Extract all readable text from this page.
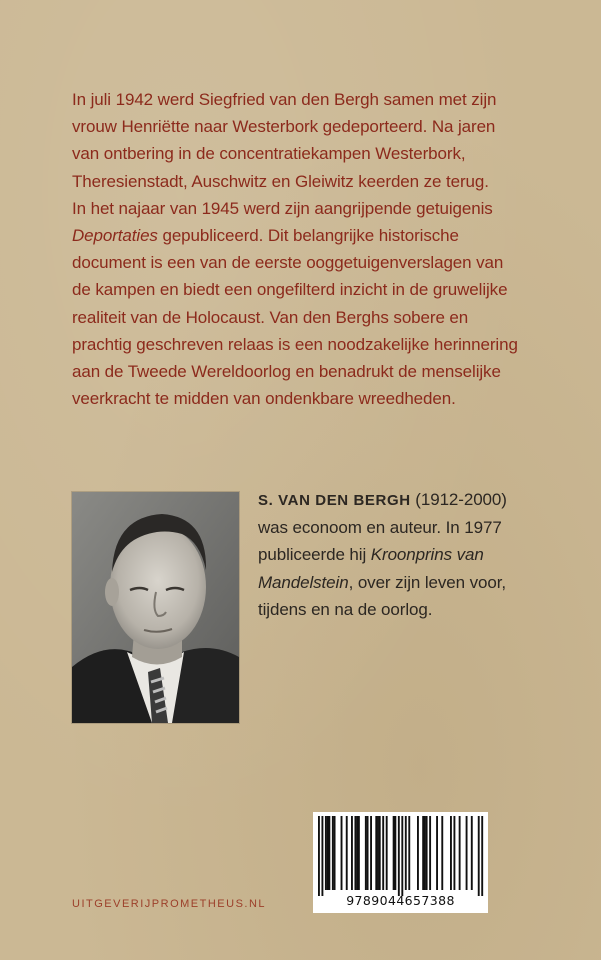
In juli 1942 werd Siegfried van den Bergh samen met zijn
vrouw Henriëtte naar Westerbork gedeporteerd. Na jaren
van ontbering in de concentratiekampen Westerbork,
Theresienstadt, Auschwitz en Gleiwitz keerden ze terug.
In het najaar van 1945 werd zijn aangrijpende getuigenis
Deportaties gepubliceerd. Dit belangrijke historische
document is een van de eerste ooggetuigenverslagen van
de kampen en biedt een ongefilterd inzicht in de gruwelijke
realiteit van de Holocaust. Van den Berghs sobere en
prachtig geschreven relaas is een noodzakelijke herinnering
aan de Tweede Wereldoorlog en benadrukt de menselijke
veerkracht te midden van ondenkbare wreedheden.
S. VAN DEN BERGH (1912-2000)
was econoom en auteur. In 1977
publiceerde hij Kroonprins van
Mandelstein, over zijn leven voor,
tijdens en na de oorlog.
9789044657388
UITGEVERIJPROMETHEUS.NL
